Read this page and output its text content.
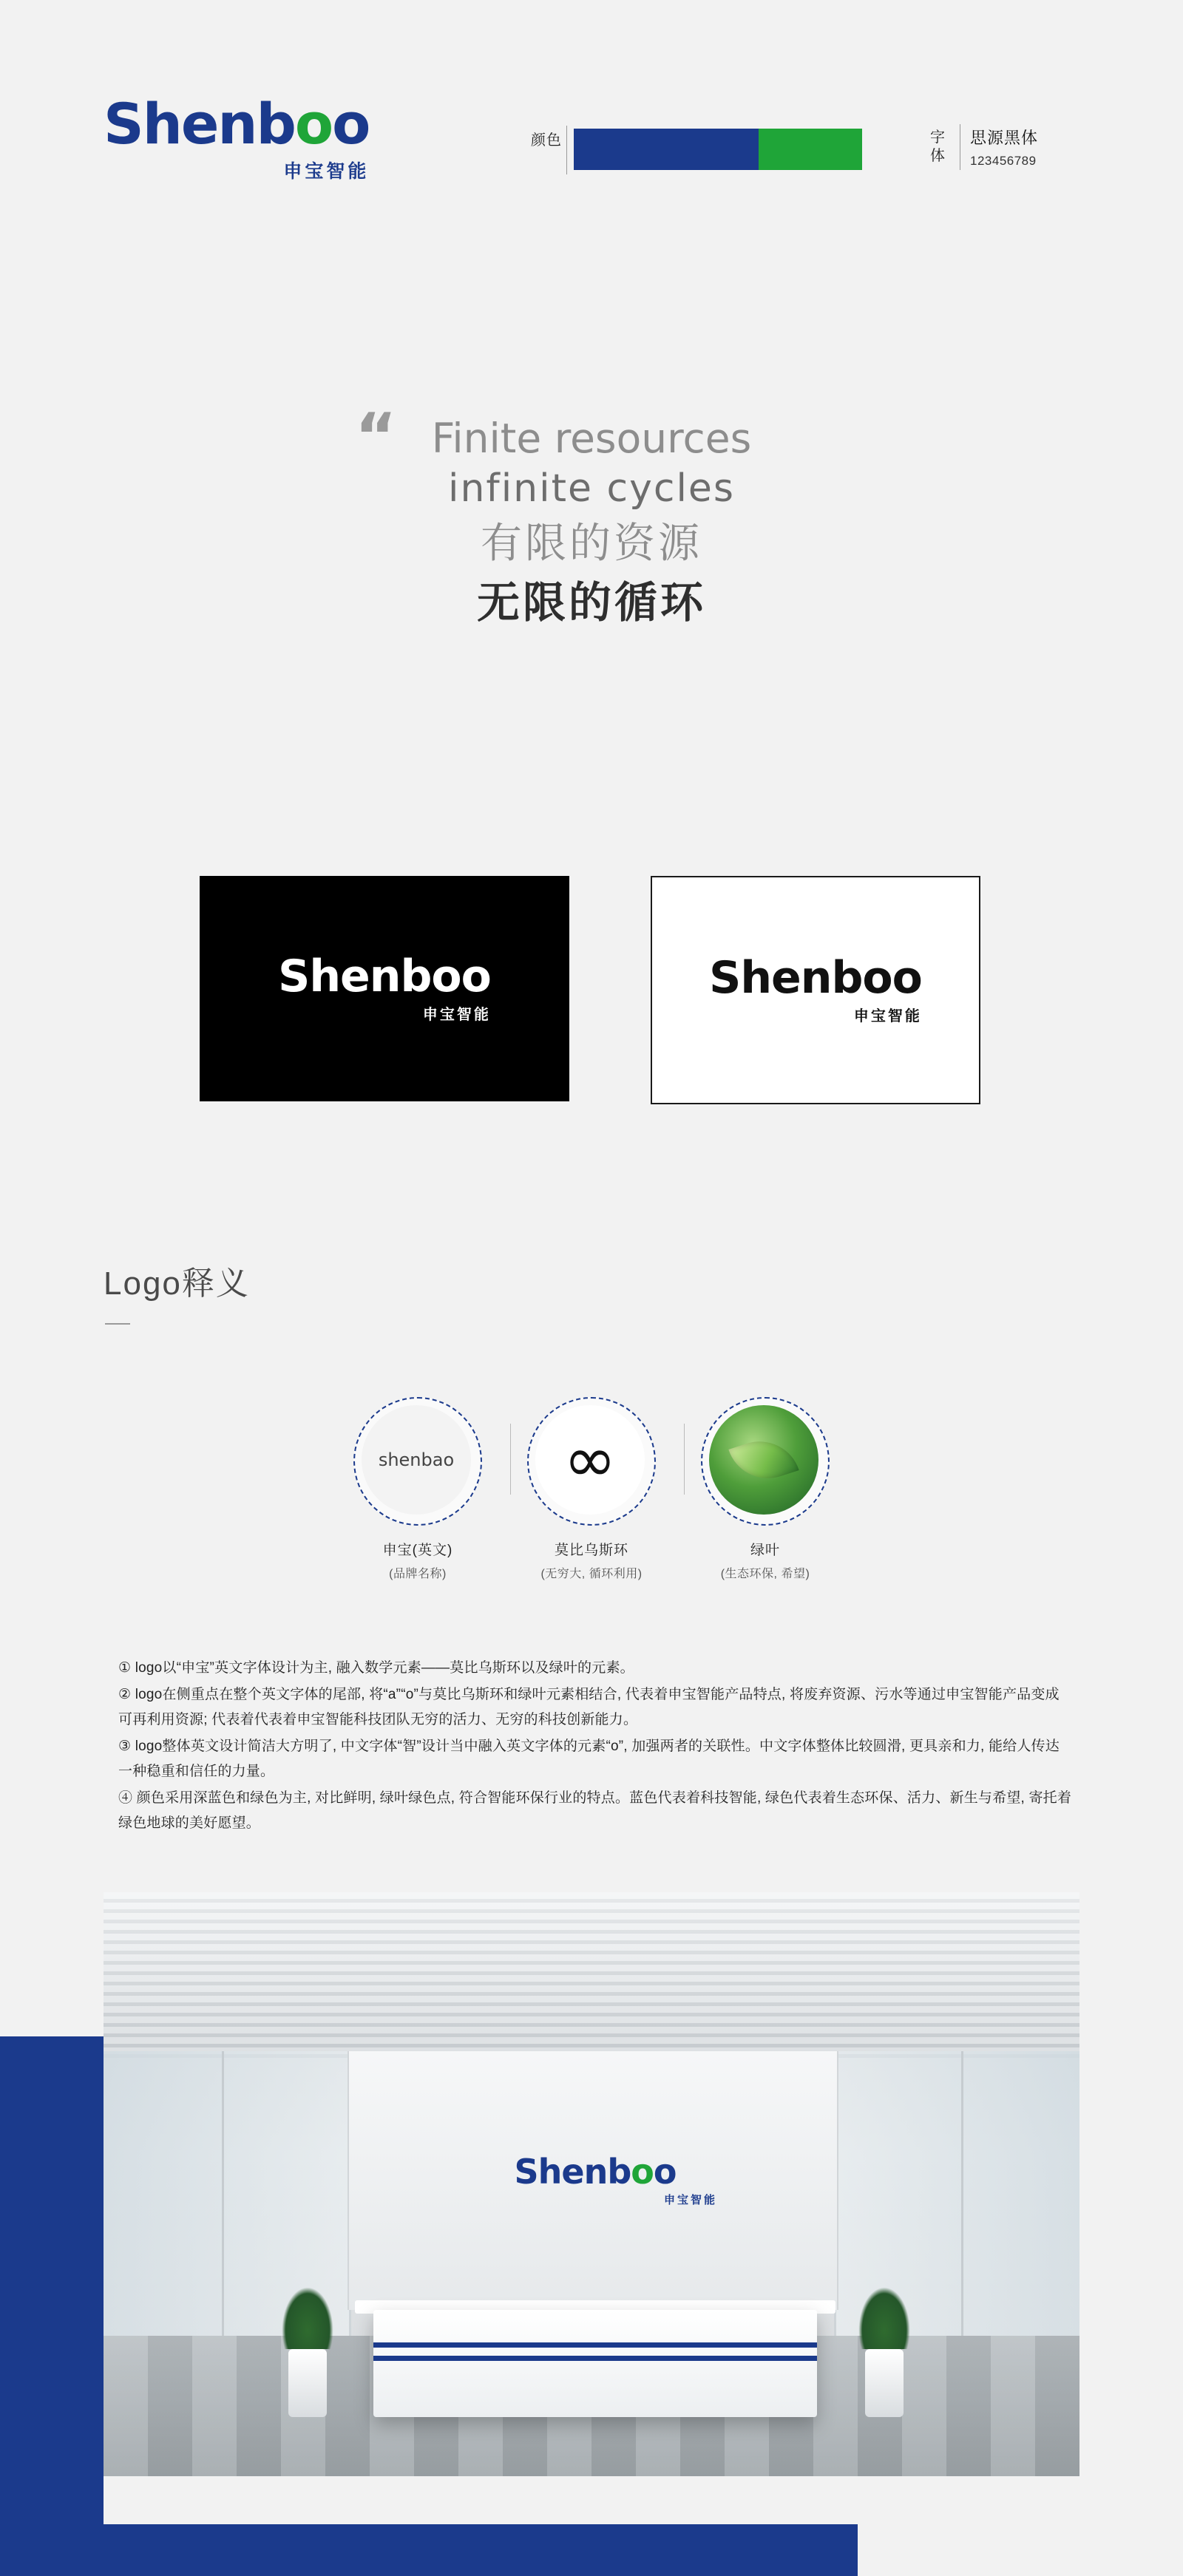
Shenboo
申宝智能
颜色	字体
思源黑体
123456789
“ Finite resources
infinite cycles
有限的资源
无限的循环
Shenboo
申宝智能
Shenboo
申宝智能
Logo释义
shenbao
申宝(英文)
(品牌名称)
∞
莫比乌斯环
(无穷大, 循环利用)
绿叶
(生态环保, 希望)
① logo以“申宝”英文字体设计为主, 融入数学元素——莫比乌斯环以及绿叶的元素。
② logo在侧重点在整个英文字体的尾部, 将“a”“o”与莫比乌斯环和绿叶元素相结合, 代表着申宝智能产品特点, 将废弃资源、污水等通过申宝智能产品变成可再利用资源; 代表着代表着申宝智能科技团队无穷的活力、无穷的科技创新能力。
③ logo整体英文设计简洁大方明了, 中文字体“智”设计当中融入英文字体的元素“o”, 加强两者的关联性。中文字体整体比较圆滑, 更具亲和力, 能给人传达一种稳重和信任的力量。
④ 颜色采用深蓝色和绿色为主, 对比鲜明, 绿叶绿色点, 符合智能环保行业的特点。蓝色代表着科技智能, 绿色代表着生态环保、活力、新生与希望, 寄托着绿色地球的美好愿望。
Shenboo
申宝智能
